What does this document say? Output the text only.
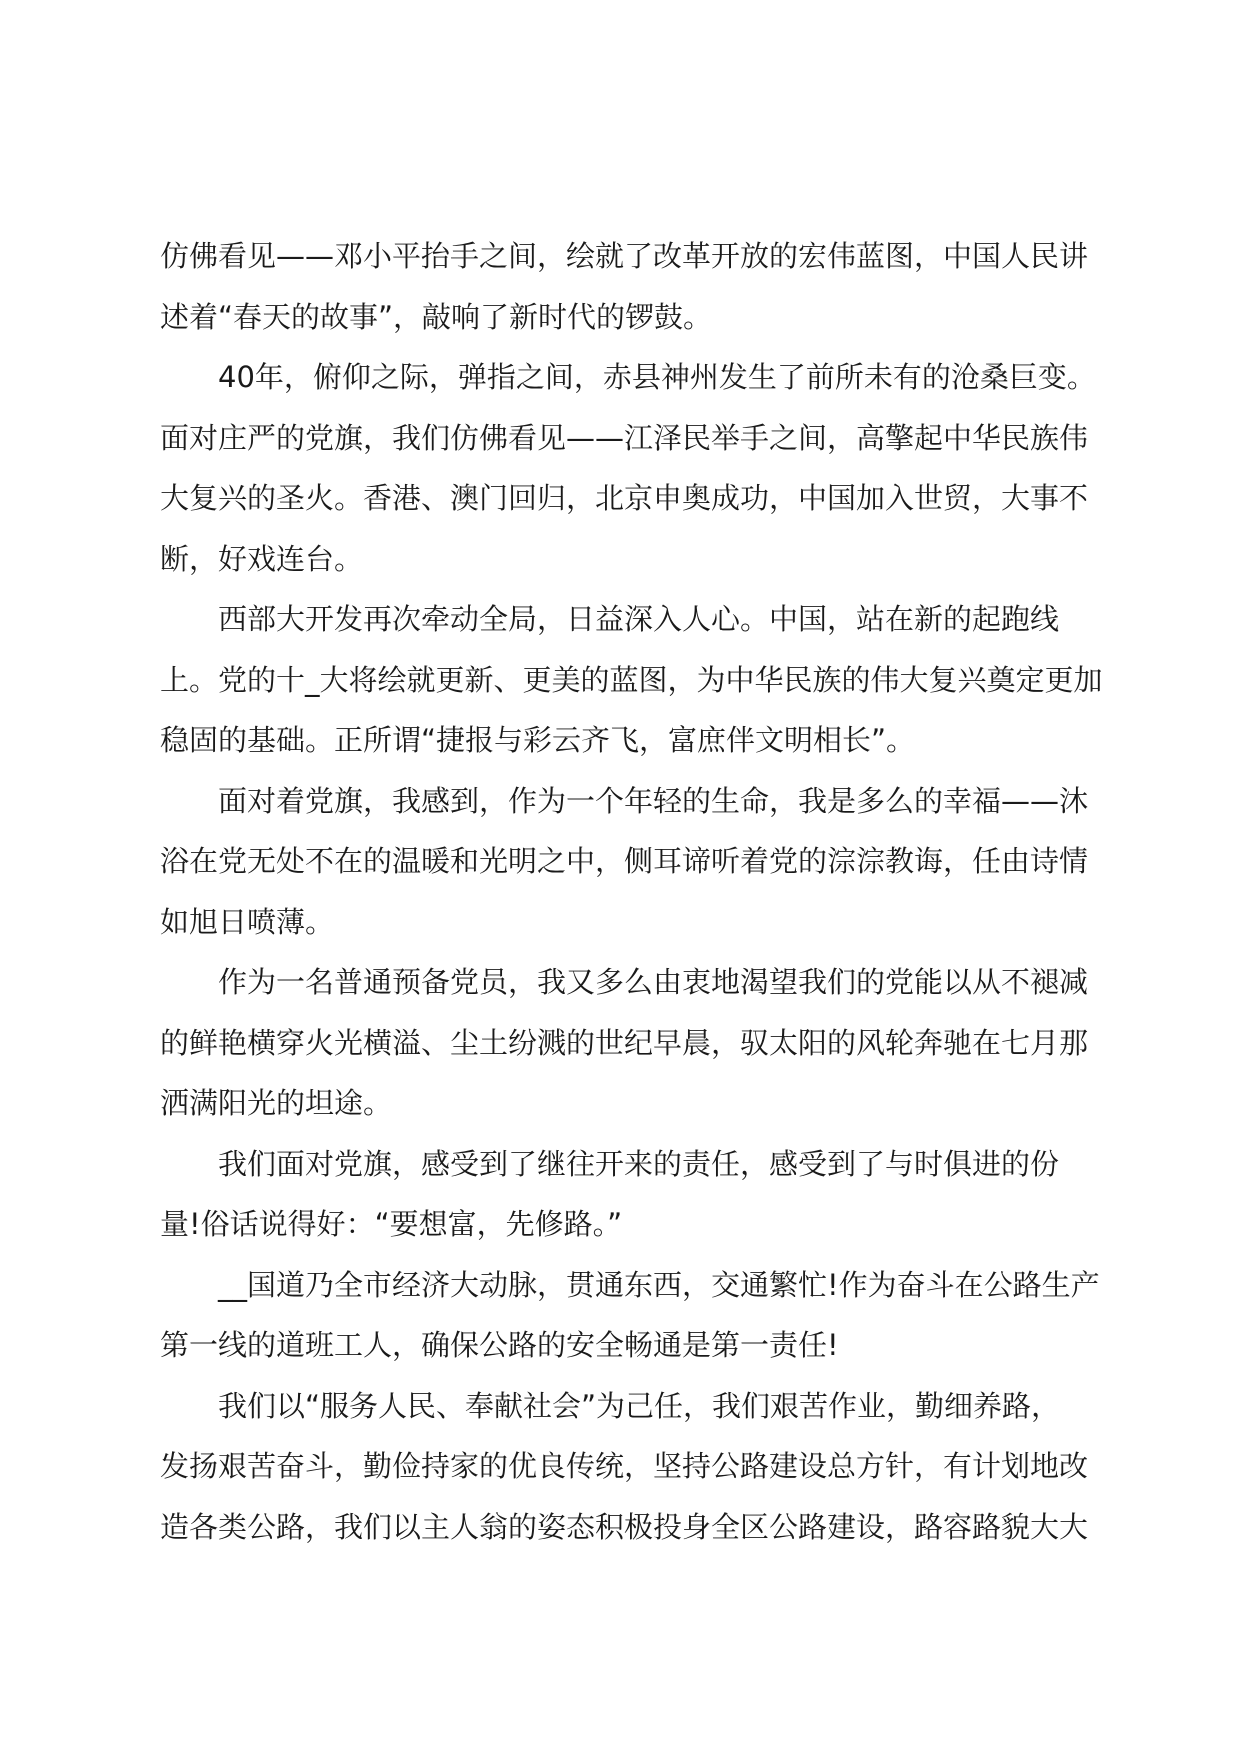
仿佛看见——邓小平抬手之间，绘就了改革开放的宏伟蓝图，中国人民讲
述着“春天的故事”，敲响了新时代的锣鼓。

40年，俯仰之际，弹指之间，赤县神州发生了前所未有的沧桑巨变。
面对庄严的党旗，我们仿佛看见——江泽民举手之间，高擎起中华民族伟
大复兴的圣火。香港、澳门回归，北京申奥成功，中国加入世贸，大事不
断，好戏连台。

西部大开发再次牵动全局，日益深入人心。中国，站在新的起跑线
上。党的十_大将绘就更新、更美的蓝图，为中华民族的伟大复兴奠定更加
稳固的基础。正所谓“捷报与彩云齐飞，富庶伴文明相长”。

面对着党旗，我感到，作为一个年轻的生命，我是多么的幸福——沐
浴在党无处不在的温暖和光明之中，侧耳谛听着党的淙淙教诲，任由诗情
如旭日喷薄。

作为一名普通预备党员，我又多么由衷地渴望我们的党能以从不褪减
的鲜艳横穿火光横溢、尘土纷溅的世纪早晨，驭太阳的风轮奔驰在七月那
洒满阳光的坦途。

我们面对党旗，感受到了继往开来的责任，感受到了与时俱进的份
量!俗话说得好：“要想富，先修路。”

__国道乃全市经济大动脉，贯通东西，交通繁忙!作为奋斗在公路生产
第一线的道班工人，确保公路的安全畅通是第一责任!

我们以“服务人民、奉献社会”为己任，我们艰苦作业，勤细养路，
发扬艰苦奋斗，勤俭持家的优良传统，坚持公路建设总方针，有计划地改
造各类公路，我们以主人翁的姿态积极投身全区公路建设，路容路貌大大
